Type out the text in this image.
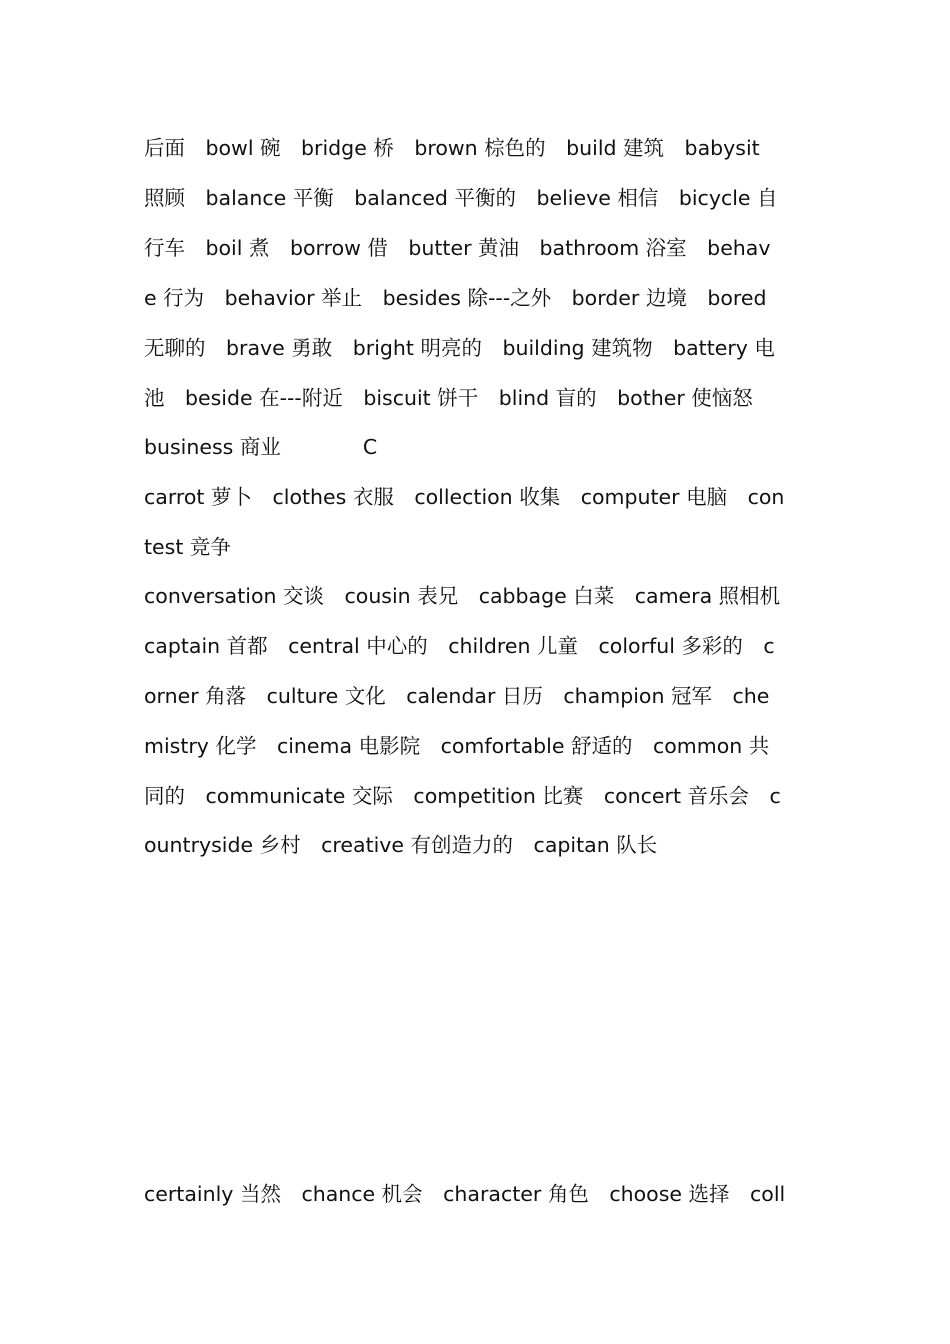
后面　bowl 碗　bridge 桥　brown 棕色的　build 建筑　babysit
照顾　balance 平衡　balanced 平衡的　believe 相信　bicycle 自
行车　boil 煮　borrow 借　butter 黄油　bathroom 浴室　behav
e 行为　behavior 举止　besides 除---之外　border 边境　bored
无聊的　brave 勇敢　bright 明亮的　building 建筑物　battery 电
池　beside 在---附近　biscuit 饼干　blind 盲的　bother 使恼怒
business 商业　　　　C
carrot 萝卜　clothes 衣服　collection 收集　computer 电脑　con
test 竞争
conversation 交谈　cousin 表兄　cabbage 白菜　camera 照相机
captain 首都　central 中心的　children 儿童　colorful 多彩的　c
orner 角落　culture 文化　calendar 日历　champion 冠军　che
mistry 化学　cinema 电影院　comfortable 舒适的　common 共
同的　communicate 交际　competition 比赛　concert 音乐会　c
ountryside 乡村　creative 有创造力的　capitan 队长
certainly 当然　chance 机会　character 角色　choose 选择　coll
